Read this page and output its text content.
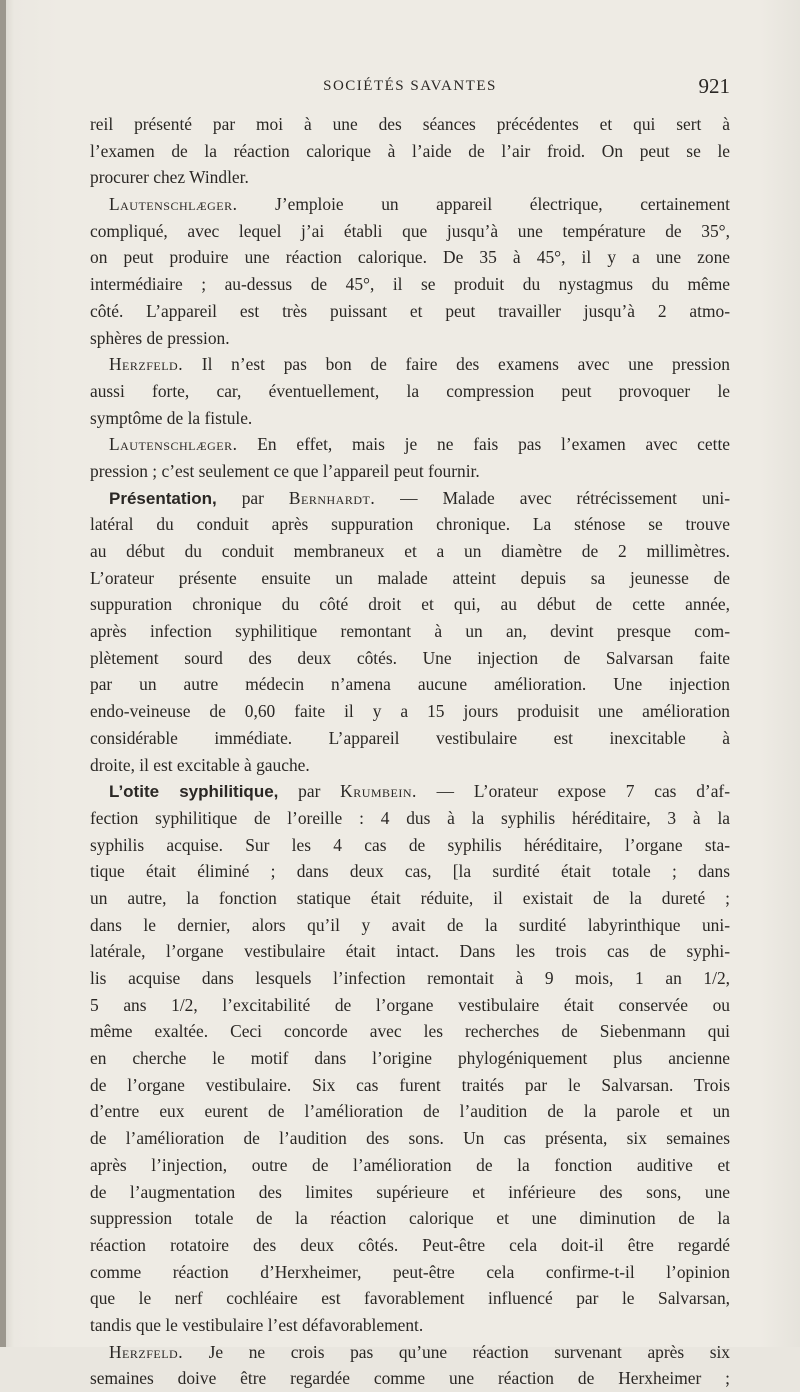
SOCIÉTÉS SAVANTES	921
reil présenté par moi à une des séances précédentes et qui sert à
l’examen de la réaction calorique à l’aide de l’air froid. On peut se le
procurer chez Windler.
Lautenschlæger. J’emploie un appareil électrique, certainement
compliqué, avec lequel j’ai établi que jusqu’à une température de 35°,
on peut produire une réaction calorique. De 35 à 45°, il y a une zone
intermédiaire ; au-dessus de 45°, il se produit du nystagmus du même
côté. L’appareil est très puissant et peut travailler jusqu’à 2 atmo-
sphères de pression.
Herzfeld. Il n’est pas bon de faire des examens avec une pression
aussi forte, car, éventuellement, la compression peut provoquer le
symptôme de la fistule.
Lautenschlæger. En effet, mais je ne fais pas l’examen avec cette
pression ; c’est seulement ce que l’appareil peut fournir.
Présentation, par Bernhardt. — Malade avec rétrécissement uni-
latéral du conduit après suppuration chronique. La sténose se trouve
au début du conduit membraneux et a un diamètre de 2 millimètres.
L’orateur présente ensuite un malade atteint depuis sa jeunesse de
suppuration chronique du côté droit et qui, au début de cette année,
après infection syphilitique remontant à un an, devint presque com-
plètement sourd des deux côtés. Une injection de Salvarsan faite
par un autre médecin n’amena aucune amélioration. Une injection
endo-veineuse de 0,60 faite il y a 15 jours produisit une amélioration
considérable immédiate. L’appareil vestibulaire est inexcitable à
droite, il est excitable à gauche.
L’otite syphilitique, par Krumbein. — L’orateur expose 7 cas d’af-
fection syphilitique de l’oreille : 4 dus à la syphilis héréditaire, 3 à la
syphilis acquise. Sur les 4 cas de syphilis héréditaire, l’organe sta-
tique était éliminé ; dans deux cas, [la surdité était totale ; dans
un autre, la fonction statique était réduite, il existait de la dureté ;
dans le dernier, alors qu’il y avait de la surdité labyrinthique uni-
latérale, l’organe vestibulaire était intact. Dans les trois cas de syphi-
lis acquise dans lesquels l’infection remontait à 9 mois, 1 an 1/2,
5 ans 1/2, l’excitabilité de l’organe vestibulaire était conservée ou
même exaltée. Ceci concorde avec les recherches de Siebenmann qui
en cherche le motif dans l’origine phylogéniquement plus ancienne
de l’organe vestibulaire. Six cas furent traités par le Salvarsan. Trois
d’entre eux eurent de l’amélioration de l’audition de la parole et un
de l’amélioration de l’audition des sons. Un cas présenta, six semaines
après l’injection, outre de l’amélioration de la fonction auditive et
de l’augmentation des limites supérieure et inférieure des sons, une
suppression totale de la réaction calorique et une diminution de la
réaction rotatoire des deux côtés. Peut-être cela doit-il être regardé
comme réaction d’Herxheimer, peut-être cela confirme-t-il l’opinion
que le nerf cochléaire est favorablement influencé par le Salvarsan,
tandis que le vestibulaire l’est défavorablement.
Herzfeld. Je ne crois pas qu’une réaction survenant après six
semaines doive être regardée comme une réaction de Herxheimer ;
